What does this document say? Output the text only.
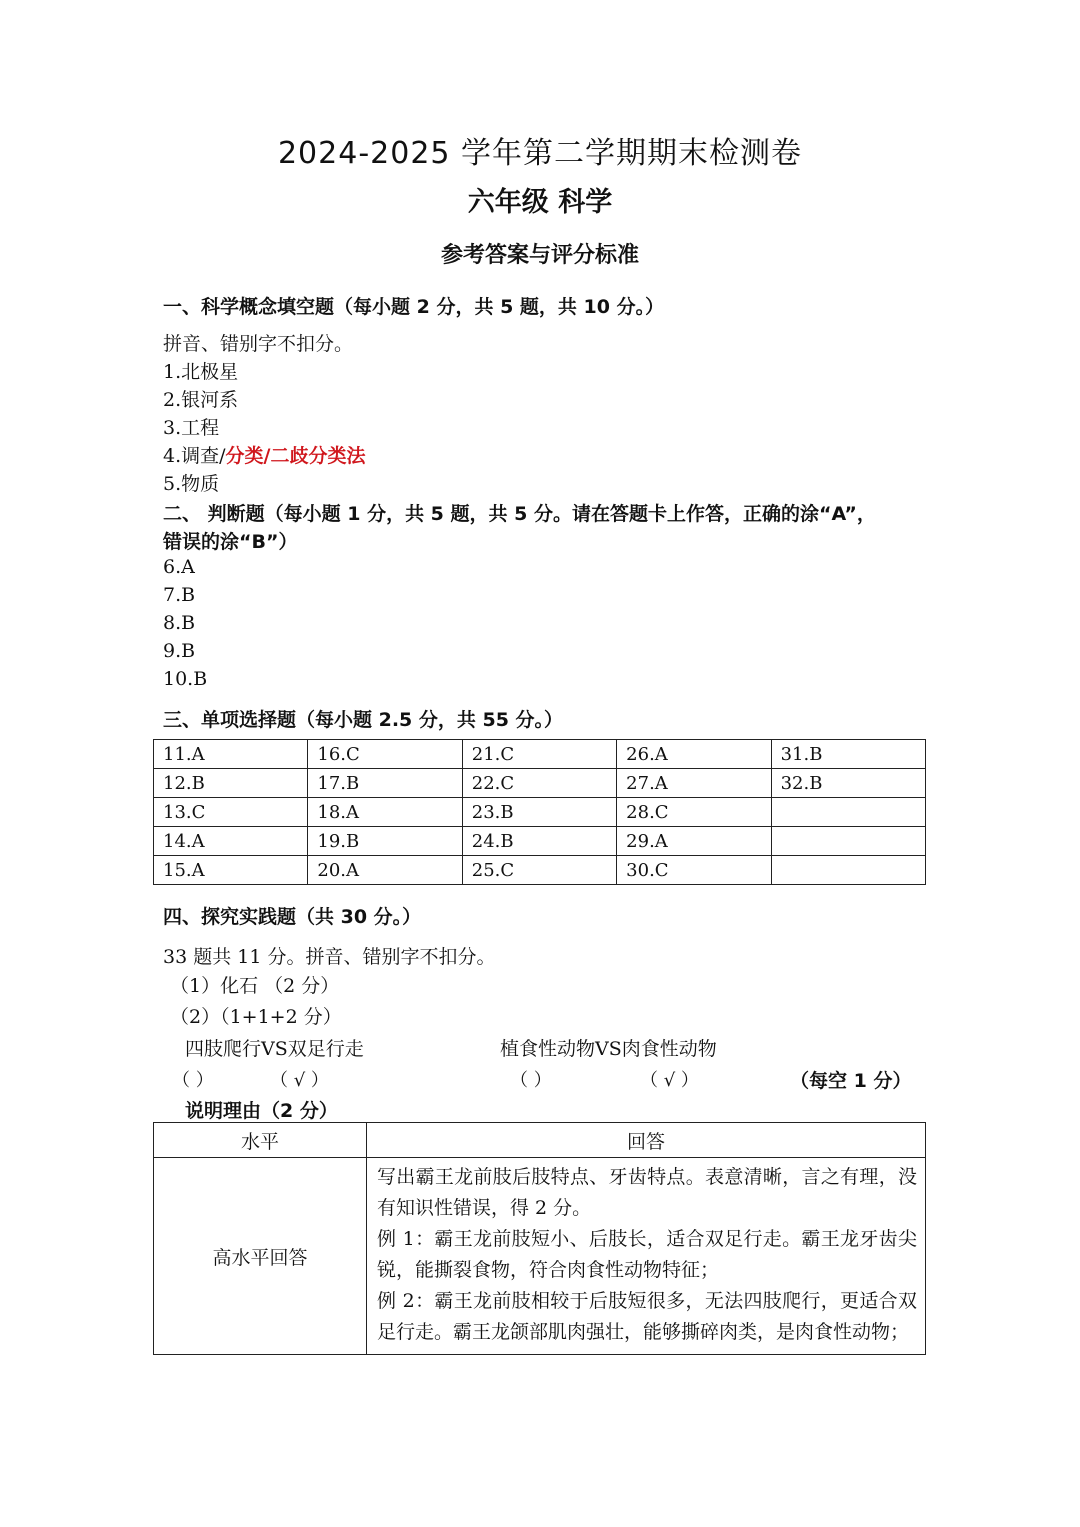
2024-2025 学年第二学期期末检测卷
六年级 科学
参考答案与评分标准
一、科学概念填空题（每小题 2 分，共 5 题，共 10 分。）
拼音、错别字不扣分。
1.北极星
2.银河系
3.工程
4.调查/分类/二歧分类法
5.物质
二、 判断题（每小题 1 分，共 5 题，共 5 分。请在答题卡上作答，正确的涂“A”，
错误的涂“B”）
6.A
7.B
8.B
9.B
10.B
三、单项选择题（每小题 2.5 分，共 55 分。）
11.A	16.C	21.C	26.A	31.B
12.B	17.B	22.C	27.A	32.B
13.C	18.A	23.B	28.C	
14.A	19.B	24.B	29.A	
15.A	20.A	25.C	30.C	
四、探究实践题（共 30 分。）
33 题共 11 分。拼音、错别字不扣分。
（1）化石 （2 分）
（2）（1+1+2 分）
四肢爬行VS双足行走	植食性动物VS肉食性动物
（ ）	（ √ ）	（ ）	（ √ ）	（每空 1 分）
说明理由（2 分）
水平	回答
高水平回答	写出霸王龙前肢后肢特点、牙齿特点。表意清晰，言之有理，没有知识性错误，得 2 分。
例 1：霸王龙前肢短小、后肢长，适合双足行走。霸王龙牙齿尖锐，能撕裂食物，符合肉食性动物特征；
例 2：霸王龙前肢相较于后肢短很多，无法四肢爬行，更适合双足行走。霸王龙颌部肌肉强壮，能够撕碎肉类，是肉食性动物；
